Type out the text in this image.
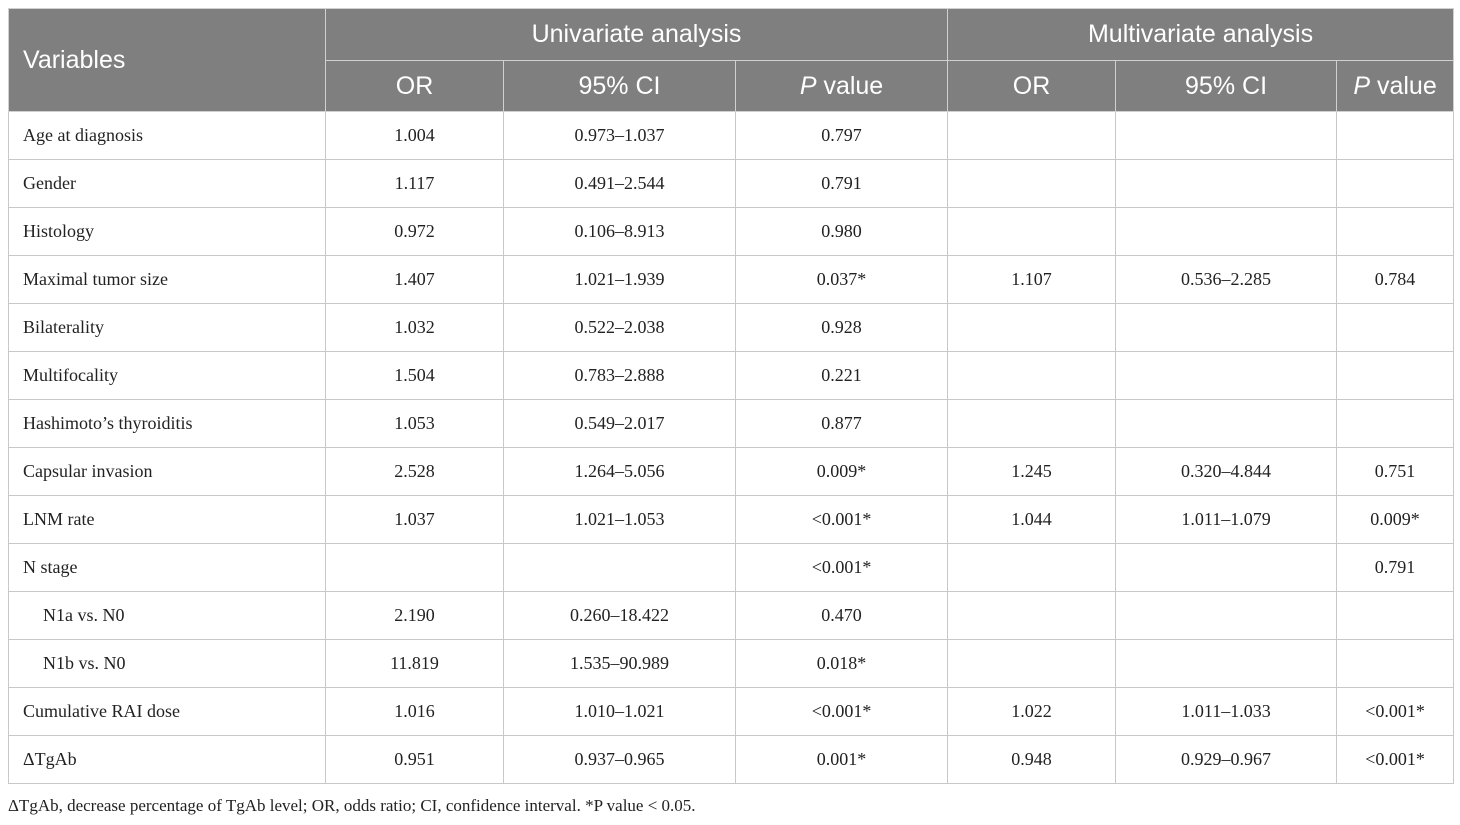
Variables	Univariate analysis			Multivariate analysis		
	OR	95% CI	P value	OR	95% CI	P value
Age at diagnosis	1.004	0.973–1.037	0.797			
Gender	1.117	0.491–2.544	0.791			
Histology	0.972	0.106–8.913	0.980			
Maximal tumor size	1.407	1.021–1.939	0.037*	1.107	0.536–2.285	0.784
Bilaterality	1.032	0.522–2.038	0.928			
Multifocality	1.504	0.783–2.888	0.221			
Hashimoto’s thyroiditis	1.053	0.549–2.017	0.877			
Capsular invasion	2.528	1.264–5.056	0.009*	1.245	0.320–4.844	0.751
LNM rate	1.037	1.021–1.053	<0.001*	1.044	1.011–1.079	0.009*
N stage			<0.001*			0.791
N1a vs. N0	2.190	0.260–18.422	0.470			
N1b vs. N0	11.819	1.535–90.989	0.018*			
Cumulative RAI dose	1.016	1.010–1.021	<0.001*	1.022	1.011–1.033	<0.001*
ΔTgAb	0.951	0.937–0.965	0.001*	0.948	0.929–0.967	<0.001*
ΔTgAb, decrease percentage of TgAb level; OR, odds ratio; CI, confidence interval. *P value < 0.05.
